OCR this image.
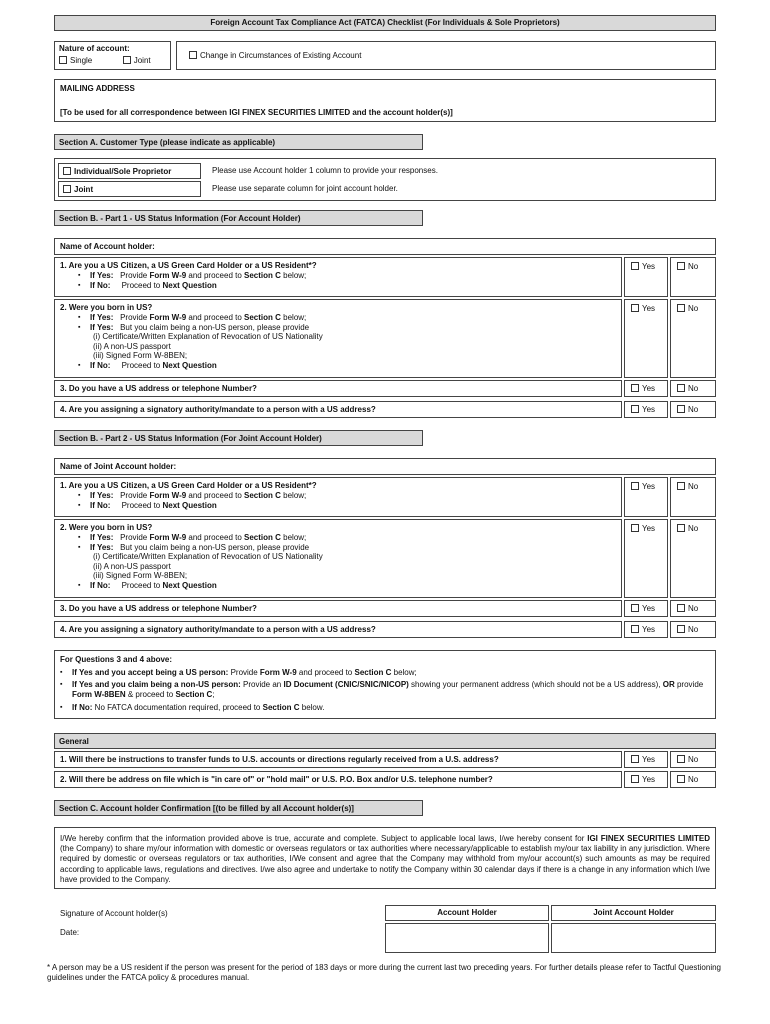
Foreign Account Tax Compliance Act (FATCA) Checklist (For Individuals & Sole Proprietors)
Nature of account:
Single	Joint
Change in Circumstances of Existing Account
MAILING ADDRESS
[To be used for all correspondence between IGI FINEX SECURITIES LIMITED and the account holder(s)]
Section A. Customer Type (please indicate as applicable)
Individual/Sole Proprietor	Please use Account holder 1 column to provide your responses.
Joint	Please use separate column for joint account holder.
Section B. - Part 1 - US Status Information (For Account Holder)
Name of Account holder:
1. Are you a US Citizen, a US Green Card Holder or a US Resident*?
▪ If Yes: Provide Form W-9 and proceed to Section C below;
▪ If No: Proceed to Next Question
Yes	No
2. Were you born in US?
▪ If Yes: Provide Form W-9 and proceed to Section C below;
▪ If Yes: But you claim being a non-US person, please provide
(i) Certificate/Written Explanation of Revocation of US Nationality
(ii) A non-US passport
(iii) Signed Form W-8BEN;
▪ If No: Proceed to Next Question
Yes	No
3. Do you have a US address or telephone Number?	Yes	No
4. Are you assigning a signatory authority/mandate to a person with a US address?	Yes	No
Section B. - Part 2 - US Status Information (For Joint Account Holder)
Name of Joint Account holder:
1. Are you a US Citizen, a US Green Card Holder or a US Resident*?
▪ If Yes: Provide Form W-9 and proceed to Section C below;
▪ If No: Proceed to Next Question
Yes	No
2. Were you born in US?
▪ If Yes: Provide Form W-9 and proceed to Section C below;
▪ If Yes: But you claim being a non-US person, please provide
(i) Certificate/Written Explanation of Revocation of US Nationality
(ii) A non-US passport
(iii) Signed Form W-8BEN;
▪ If No: Proceed to Next Question
Yes	No
3. Do you have a US address or telephone Number?	Yes	No
4. Are you assigning a signatory authority/mandate to a person with a US address?	Yes	No
For Questions 3 and 4 above:
▪ If Yes and you accept being a US person: Provide Form W-9 and proceed to Section C below;
▪ If Yes and you claim being a non-US person: Provide an ID Document (CNIC/SNIC/NICOP) showing your permanent address (which should not be a US address), OR provide Form W-8BEN & proceed to Section C;
▪ If No: No FATCA documentation required, proceed to Section C below.
General
1. Will there be instructions to transfer funds to U.S. accounts or directions regularly received from a U.S. address?	Yes	No
2. Will there be address on file which is "in care of" or "hold mail" or U.S. P.O. Box and/or U.S. telephone number?	Yes	No
Section C. Account holder Confirmation [(to be filled by all Account holder(s)]
I/We hereby confirm that the information provided above is true, accurate and complete. Subject to applicable local laws, I/we hereby consent for IGI FINEX SECURITIES LIMITED (the Company) to share my/our information with domestic or overseas regulators or tax authorities where necessary/applicable to establish my/our tax liability in any jurisdiction. Where required by domestic or overseas regulators or tax authorities, I/We consent and agree that the Company may withhold from my/our account(s) such amounts as may be required according to applicable laws, regulations and directives. I/we also agree and undertake to notify the Company within 30 calendar days if there is a change in any information which I/we have provided to the Company.
Signature of Account holder(s)
Date:
Account Holder	Joint Account Holder
* A person may be a US resident if the person was present for the period of 183 days or more during the current last two preceding years. For further details please refer to Tactful Questioning guidelines under the FATCA policy & procedures manual.
